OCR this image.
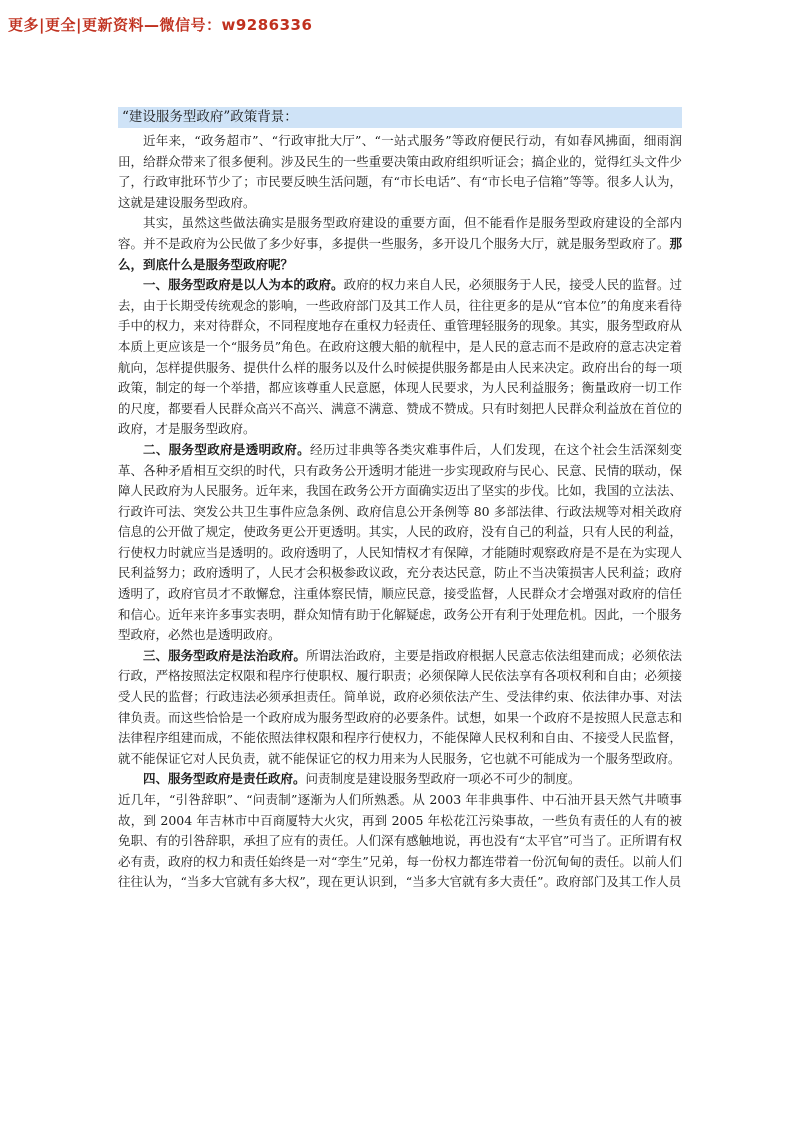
更多|更全|更新资料—微信号：w9286336
“建设服务型政府”政策背景：

近年来，“政务超市”、“行政审批大厅”、“一站式服务”等政府便民行动，有如春风拂面，细雨润田，给群众带来了很多便利。涉及民生的一些重要决策由政府组织听证会；搞企业的，觉得红头文件少了，行政审批环节少了；市民要反映生活问题，有“市长电话”、有“市长电子信箱”等等。很多人认为，这就是建设服务型政府。

其实，虽然这些做法确实是服务型政府建设的重要方面，但不能看作是服务型政府建设的全部内容。并不是政府为公民做了多少好事，多提供一些服务，多开设几个服务大厅，就是服务型政府了。那么，到底什么是服务型政府呢？

一、服务型政府是以人为本的政府。政府的权力来自人民，必须服务于人民，接受人民的监督。过去，由于长期受传统观念的影响，一些政府部门及其工作人员，往往更多的是从“官本位”的角度来看待手中的权力，来对待群众，不同程度地存在重权力轻责任、重管理轻服务的现象。其实，服务型政府从本质上更应该是一个“服务员”角色。在政府这艘大船的航程中，是人民的意志而不是政府的意志决定着航向，怎样提供服务、提供什么样的服务以及什么时候提供服务都是由人民来决定。政府出台的每一项政策，制定的每一个举措，都应该尊重人民意愿，体现人民要求，为人民利益服务；衡量政府一切工作的尺度，都要看人民群众高兴不高兴、满意不满意、赞成不赞成。只有时刻把人民群众利益放在首位的政府，才是服务型政府。

二、服务型政府是透明政府。经历过非典等各类灾难事件后，人们发现，在这个社会生活深刻变革、各种矛盾相互交织的时代，只有政务公开透明才能进一步实现政府与民心、民意、民情的联动，保障人民政府为人民服务。近年来，我国在政务公开方面确实迈出了坚实的步伐。比如，我国的立法法、行政许可法、突发公共卫生事件应急条例、政府信息公开条例等 80 多部法律、行政法规等对相关政府信息的公开做了规定，使政务更公开更透明。其实，人民的政府，没有自己的利益，只有人民的利益，行使权力时就应当是透明的。政府透明了，人民知情权才有保障，才能随时观察政府是不是在为实现人民利益努力；政府透明了，人民才会积极参政议政，充分表达民意，防止不当决策损害人民利益；政府透明了，政府官员才不敢懈怠，注重体察民情，顺应民意，接受监督，人民群众才会增强对政府的信任和信心。近年来许多事实表明，群众知情有助于化解疑虑，政务公开有利于处理危机。因此，一个服务型政府，必然也是透明政府。

三、服务型政府是法治政府。所谓法治政府，主要是指政府根据人民意志依法组建而成；必须依法行政，严格按照法定权限和程序行使职权、履行职责；必须保障人民依法享有各项权利和自由；必须接受人民的监督；行政违法必须承担责任。简单说，政府必须依法产生、受法律约束、依法律办事、对法律负责。而这些恰恰是一个政府成为服务型政府的必要条件。试想，如果一个政府不是按照人民意志和法律程序组建而成，不能依照法律权限和程序行使权力，不能保障人民权利和自由、不接受人民监督，就不能保证它对人民负责，就不能保证它的权力用来为人民服务，它也就不可能成为一个服务型政府。

四、服务型政府是责任政府。问责制度是建设服务型政府一项必不可少的制度。

近几年，“引咎辞职”、“问责制”逐渐为人们所熟悉。从 2003 年非典事件、中石油开县天然气井喷事故，到 2004 年吉林市中百商厦特大火灾，再到 2005 年松花江污染事故，一些负有责任的人有的被免职、有的引咎辞职，承担了应有的责任。人们深有感触地说，再也没有“太平官”可当了。正所谓有权必有责，政府的权力和责任始终是一对“孪生”兄弟，每一份权力都连带着一份沉甸甸的责任。以前人们往往认为，“当多大官就有多大权”，现在更认识到，“当多大官就有多大责任”。政府部门及其工作人员
